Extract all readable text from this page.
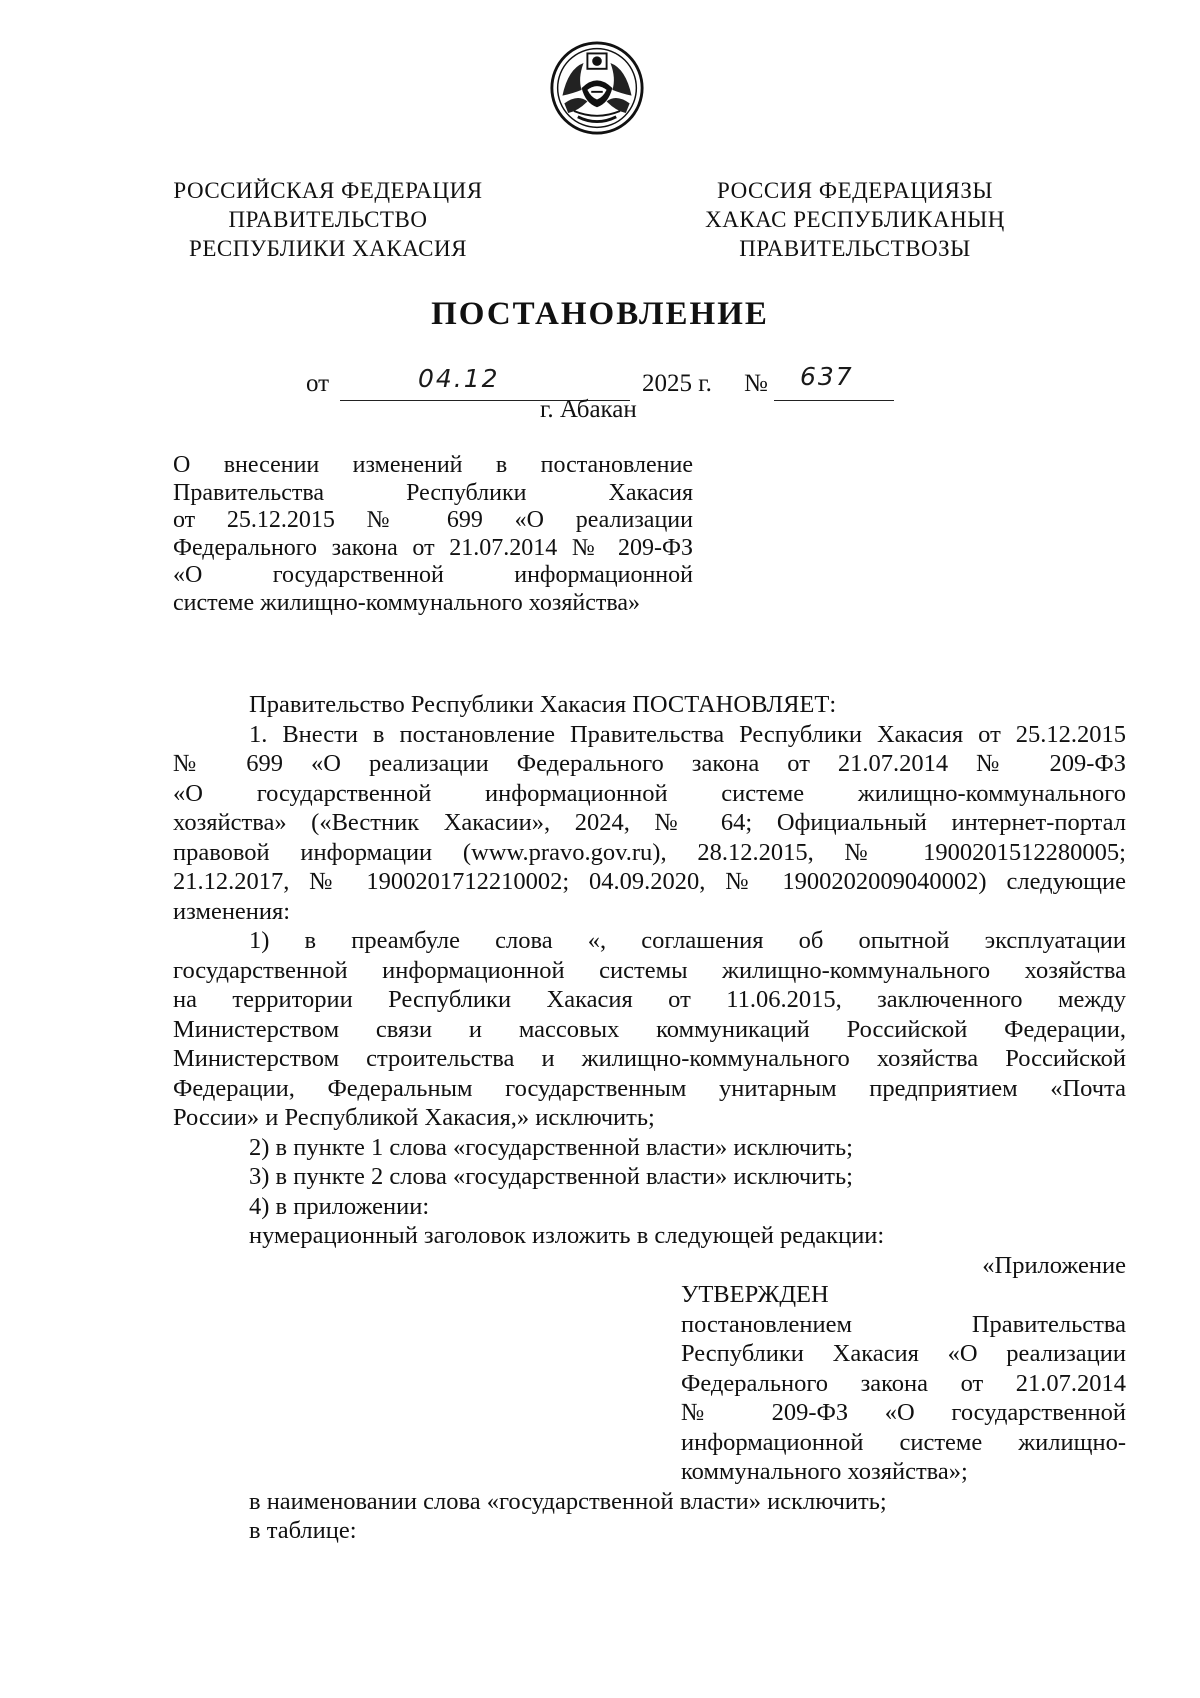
РОССИЙСКАЯ ФЕДЕРАЦИЯ
ПРАВИТЕЛЬСТВО
РЕСПУБЛИКИ ХАКАСИЯ
РОССИЯ ФЕДЕРАЦИЯЗЫ
ХАКАС РЕСПУБЛИКАНЫҢ
ПРАВИТЕЛЬСТВОЗЫ
ПОСТАНОВЛЕНИЕ
от	04.12	2025 г. № 637
г. Абакан
О внесении изменений в постановление
Правительства Республики Хакасия
от 25.12.2015 № 699 «О реализации
Федерального закона от 21.07.2014 № 209-ФЗ
«О государственной информационной
системе жилищно-коммунального хозяйства»
Правительство Республики Хакасия ПОСТАНОВЛЯЕТ:
1. Внести в постановление Правительства Республики Хакасия от 25.12.2015
№ 699 «О реализации Федерального закона от 21.07.2014 № 209-ФЗ
«О государственной информационной системе жилищно-коммунального
хозяйства» («Вестник Хакасии», 2024, № 64; Официальный интернет-портал
правовой информации (www.pravo.gov.ru), 28.12.2015, № 1900201512280005;
21.12.2017, № 1900201712210002; 04.09.2020, № 1900202009040002) следующие
изменения:
1) в преамбуле слова «, соглашения об опытной эксплуатации
государственной информационной системы жилищно-коммунального хозяйства
на территории Республики Хакасия от 11.06.2015, заключенного между
Министерством связи и массовых коммуникаций Российской Федерации,
Министерством строительства и жилищно-коммунального хозяйства Российской
Федерации, Федеральным государственным унитарным предприятием «Почта
России» и Республикой Хакасия,» исключить;
2) в пункте 1 слова «государственной власти» исключить;
3) в пункте 2 слова «государственной власти» исключить;
4) в приложении:
нумерационный заголовок изложить в следующей редакции:
«Приложение
УТВЕРЖДЕН
постановлением Правительства
Республики Хакасия «О реализации
Федерального закона от 21.07.2014
№ 209-ФЗ «О государственной
информационной системе жилищно-
коммунального хозяйства»;
в наименовании слова «государственной власти» исключить;
в таблице:
